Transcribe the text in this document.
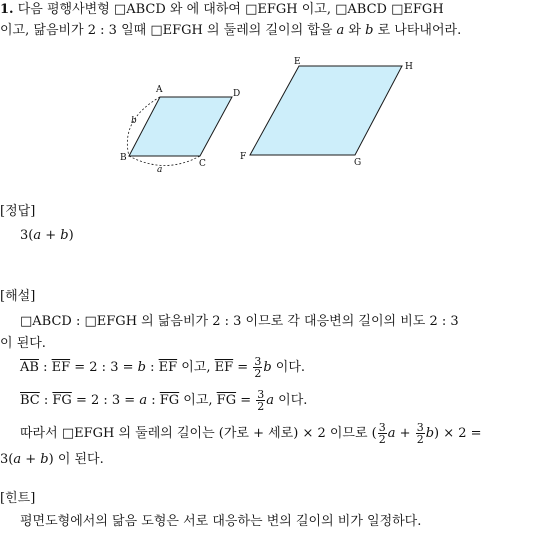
1. 다음 평행사변형 □ABCD 와 에 대하여 □EFGH 이고, □ABCD □EFGH
이고, 닮음비가 2 : 3 일때 □EFGH 의 둘레의 길이의 합을 a 와 b 로 나타내어라.
A	D
B
C
b
a
E	H
F
G
[정답]
3(a + b)
[해설]
□ABCD : □EFGH 의 닮음비가 2 : 3 이므로 각 대응변의 길이의 비도 2 : 3
이 된다.
$\overline{AB}$ : $\overline{EF} = 2$ : 3 = b : $\overline{EF}$ 이고, $\overline{EF} = \frac{3}{2}$ b 이다.
$\overline{BC}$ : $\overline{FG} = 2$ : 3 = a : $\overline{FG}$ 이고, $\overline{FG} = \frac{3}{2}$ a 이다.
따라서 □EFGH 의 둘레의 길이는 (가로 + 세로) × 2 이므로 ( $\frac{3}{2}$ $a + \frac{3}{2} b) \times 2$ =
3(a + b) 이 된다.
[힌트]
평면도형에서의 닮음 도형은 서로 대응하는 변의 길이의 비가 일정하다.
